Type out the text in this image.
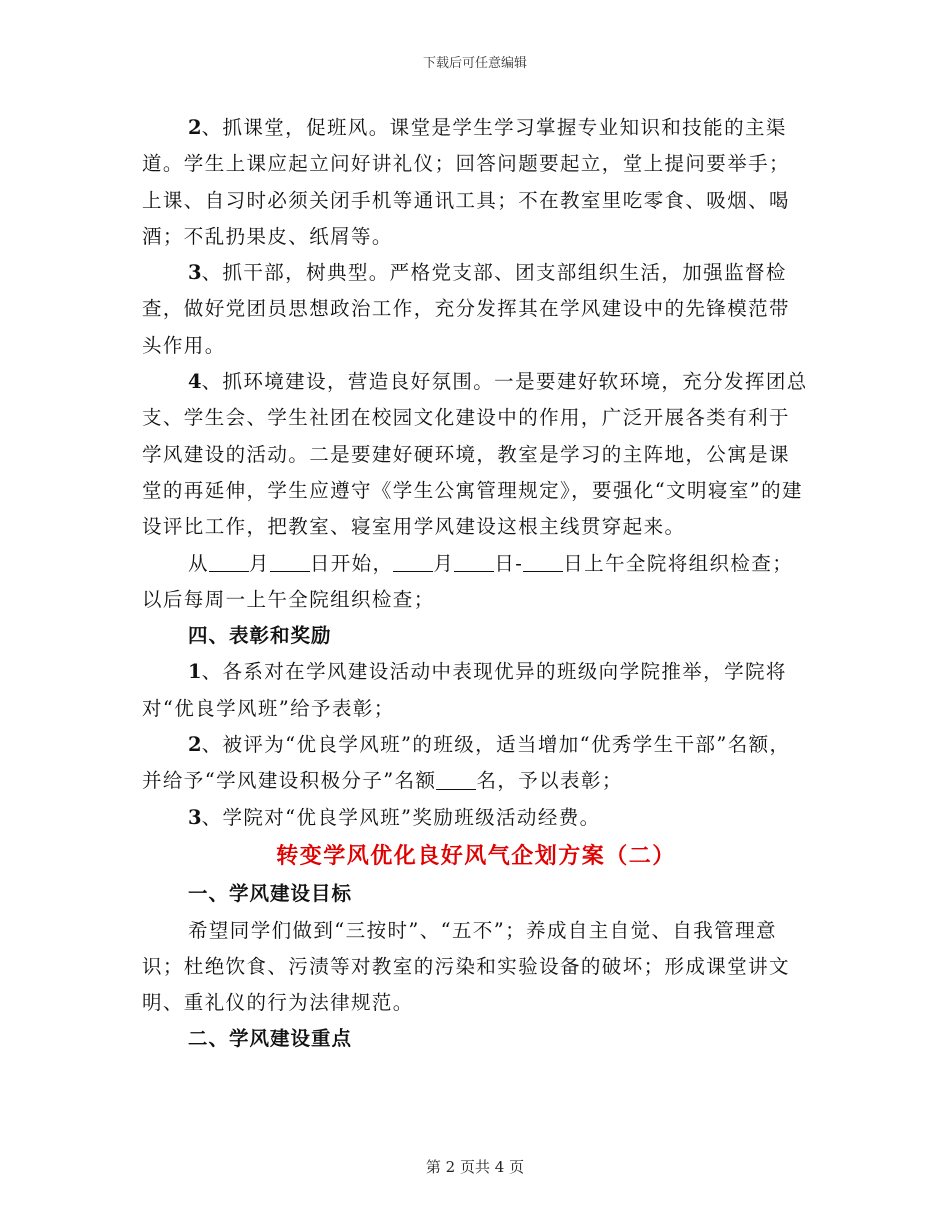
下载后可任意编辑

2、抓课堂，促班风。课堂是学生学习掌握专业知识和技能的主渠道。学生上课应起立问好讲礼仪；回答问题要起立，堂上提问要举手；上课、自习时必须关闭手机等通讯工具；不在教室里吃零食、吸烟、喝酒；不乱扔果皮、纸屑等。

3、抓干部，树典型。严格党支部、团支部组织生活，加强监督检查，做好党团员思想政治工作，充分发挥其在学风建设中的先锋模范带头作用。

4、抓环境建设，营造良好氛围。一是要建好软环境，充分发挥团总支、学生会、学生社团在校园文化建设中的作用，广泛开展各类有利于学风建设的活动。二是要建好硬环境，教室是学习的主阵地，公寓是课堂的再延伸，学生应遵守《学生公寓管理规定》，要强化“文明寝室”的建设评比工作，把教室、寝室用学风建设这根主线贯穿起来。

从 月 日开始， 月 日- 日上午全院将组织检查；以后每周一上午全院组织检查；

四、表彰和奖励

1、各系对在学风建设活动中表现优异的班级向学院推举，学院将对“优良学风班”给予表彰；

2、被评为“优良学风班”的班级，适当增加“优秀学生干部”名额，并给予“学风建设积极分子”名额 名，予以表彰；

3、学院对“优良学风班”奖励班级活动经费。

转变学风优化良好风气企划方案（二）

一、学风建设目标

希望同学们做到“三按时”、“五不”；养成自主自觉、自我管理意识；杜绝饮食、污渍等对教室的污染和实验设备的破坏；形成课堂讲文明、重礼仪的行为法律规范。

二、学风建设重点

第 2 页共 4 页
